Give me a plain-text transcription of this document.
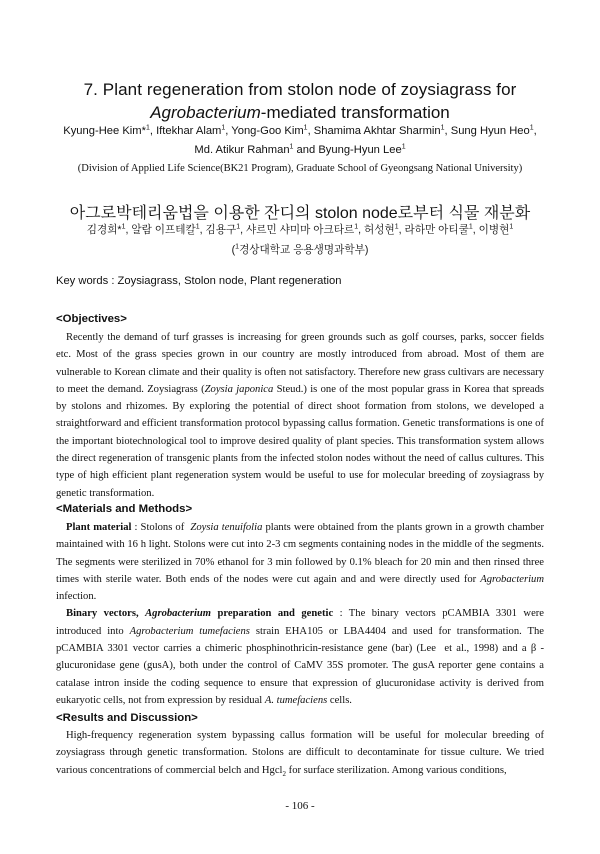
7. Plant regeneration from stolon node of zoysiagrass for
Agrobacterium-mediated transformation
Kyung-Hee Kim*$^1$, Iftekhar Alam$^1$, Yong-Goo Kim$^1$, Shamima Akhtar Sharmin$^1$, Sung Hyun Heo$^1$,
Md. Atikur Rahman$^1$ and Byung-Hyun Lee$^1$
(Division of Applied Life Science(BK21 Program), Graduate School of Gyeongsang National University)
아그로박테리움법을 이용한 잔디의 stolon node로부터 식물 재분화
김경희*$^1$, 알람 이프테칼$^1$, 김용구$^1$, 샤르민 샤미마 아크타르$^1$, 허성현$^1$, 라하만 아티쿨$^1$, 이병현$^1$
($^1$경상대학교 응용생명과학부)
Key words : Zoysiagrass, Stolon node, Plant regeneration
<Objectives>

Recently the demand of turf grasses is increasing for green grounds such as golf courses, parks, soccer fields etc. Most of the grass species grown in our country are mostly introduced from abroad. Most of them are vulnerable to Korean climate and their quality is often not satisfactory. Therefore new grass cultivars are necessary to meet the demand. Zoysiagrass (Zoysia japonica Steud.) is one of the most popular grass in Korea that spreads by stolons and rhizomes. By exploring the potential of direct shoot formation from stolons, we developed a straightforward and efficient transformation protocol bypassing callus formation. Genetic transformations is one of the important biotechnological tool to improve desired quality of plant species. This transformation system allows the direct regeneration of transgenic plants from the infected stolon nodes without the need of callus cultures. This type of high efficient plant regeneration system would be useful to use for molecular breeding of zoysiagrass by genetic transformation.

<Materials and Methods>

Plant material : Stolons of  Zoysia tenuifolia plants were obtained from the plants grown in a growth chamber maintained with 16 h light. Stolons were cut into 2-3 cm segments containing nodes in the middle of the segments. The segments were sterilized in 70% ethanol for 3 min followed by 0.1% bleach for 20 min and then rinsed three times with sterile water. Both ends of the nodes were cut again and and were directly used for Agrobacterium infection.

Binary vectors, Agrobacterium preparation and genetic : The binary vectors pCAMBIA 3301 were introduced into Agrobacterium tumefaciens strain EHA105 or LBA4404 and used for transformation. The pCAMBIA 3301 vector carries a chimeric phosphinothricin-resistance gene (bar) (Lee  et al., 1998) and a β -glucuronidase gene (gusA), both under the control of CaMV 35S promoter. The gusA reporter gene contains a catalase intron inside the coding sequence to ensure that expression of glucuronidase activity is derived from eukaryotic cells, not from expression by residual A. tumefaciens cells.

<Results and Discussion>

High-frequency regeneration system bypassing callus formation will be useful for molecular breeding of zoysiagrass through genetic transformation. Stolons are difficult to decontaminate for tissue culture. We tried various concentrations of commercial belch and Hgcl$_2$ for surface sterilization. Among various conditions,

- 106 -
